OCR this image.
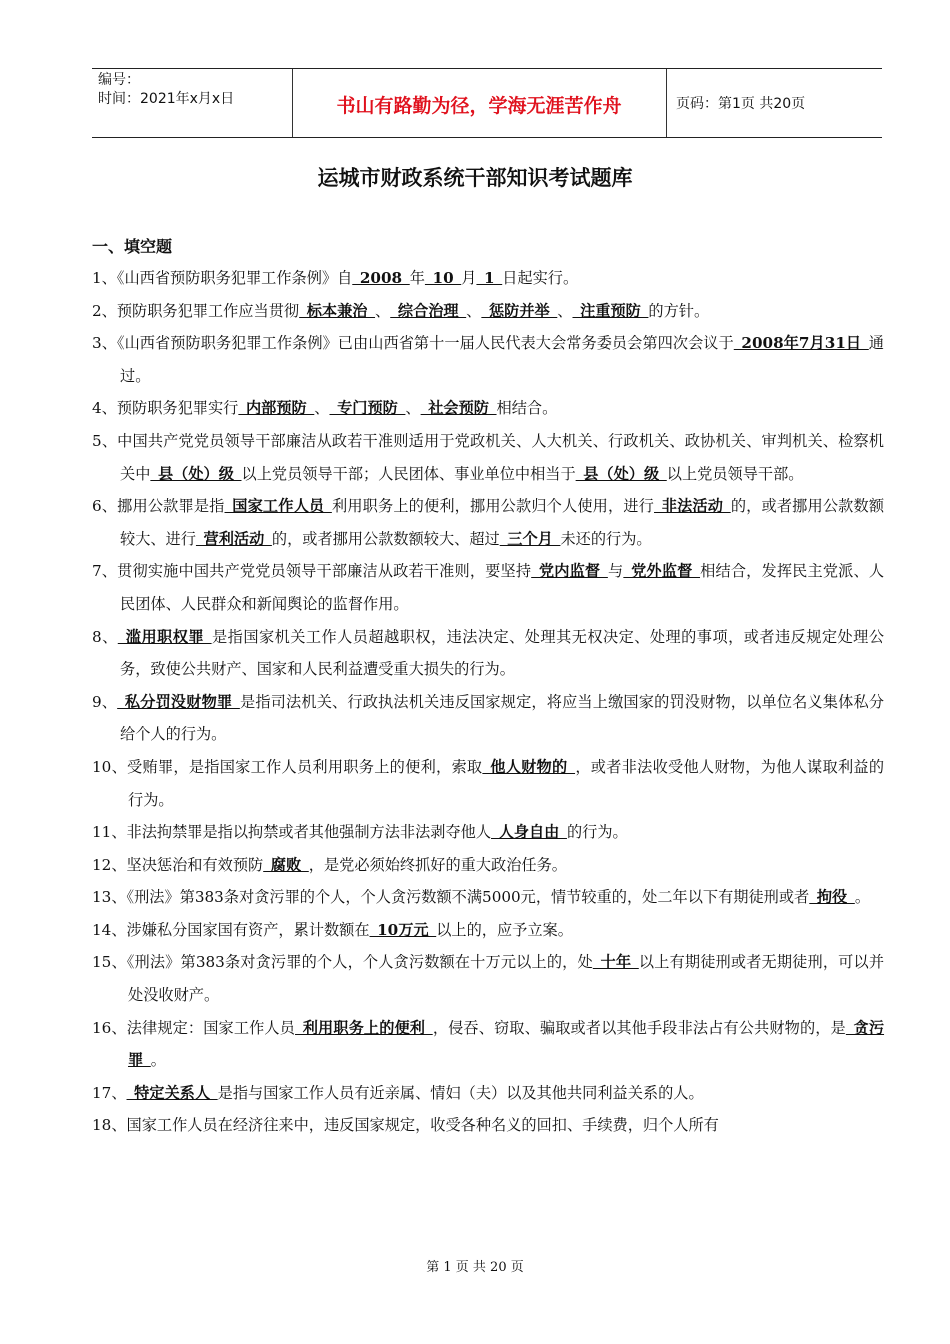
编号：
时间：2021年x月x日	书山有路勤为径，学海无涯苦作舟	页码：第1页 共20页
运城市财政系统干部知识考试题库
一、填空题
1、《山西省预防职务犯罪工作条例》自 2008 年 10 月 1 日起实行。
2、预防职务犯罪工作应当贯彻 标本兼治 、 综合治理 、 惩防并举 、 注重预防 的方针。
3、《山西省预防职务犯罪工作条例》已由山西省第十一届人民代表大会常务委员会第四次会议于 2008年7月31日 通过。
4、预防职务犯罪实行 内部预防 、 专门预防 、 社会预防 相结合。
5、中国共产党党员领导干部廉洁从政若干准则适用于党政机关、人大机关、行政机关、政协机关、审判机关、检察机关中 县（处）级 以上党员领导干部；人民团体、事业单位中相当于 县（处）级 以上党员领导干部。
6、挪用公款罪是指 国家工作人员 利用职务上的便利，挪用公款归个人使用，进行 非法活动 的，或者挪用公款数额较大、进行 营利活动 的，或者挪用公款数额较大、超过 三个月 未还的行为。
7、贯彻实施中国共产党党员领导干部廉洁从政若干准则，要坚持 党内监督 与 党外监督 相结合，发挥民主党派、人民团体、人民群众和新闻舆论的监督作用。
8、 滥用职权罪 是指国家机关工作人员超越职权，违法决定、处理其无权决定、处理的事项，或者违反规定处理公务，致使公共财产、国家和人民利益遭受重大损失的行为。
9、 私分罚没财物罪 是指司法机关、行政执法机关违反国家规定，将应当上缴国家的罚没财物，以单位名义集体私分给个人的行为。
10、受贿罪，是指国家工作人员利用职务上的便利，索取 他人财物的 ，或者非法收受他人财物，为他人谋取利益的行为。
11、非法拘禁罪是指以拘禁或者其他强制方法非法剥夺他人 人身自由 的行为。
12、坚决惩治和有效预防 腐败 ，是党必须始终抓好的重大政治任务。
13、《刑法》第383条对贪污罪的个人，个人贪污数额不满5000元，情节较重的，处二年以下有期徒刑或者 拘役 。
14、涉嫌私分国家国有资产，累计数额在 10万元 以上的，应予立案。
15、《刑法》第383条对贪污罪的个人，个人贪污数额在十万元以上的，处 十年 以上有期徒刑或者无期徒刑，可以并处没收财产。
16、法律规定：国家工作人员 利用职务上的便利 ，侵吞、窃取、骗取或者以其他手段非法占有公共财物的，是 贪污罪 。
17、 特定关系人 是指与国家工作人员有近亲属、情妇（夫）以及其他共同利益关系的人。
18、国家工作人员在经济往来中，违反国家规定，收受各种名义的回扣、手续费，归个人所有
第 1 页 共 20 页
